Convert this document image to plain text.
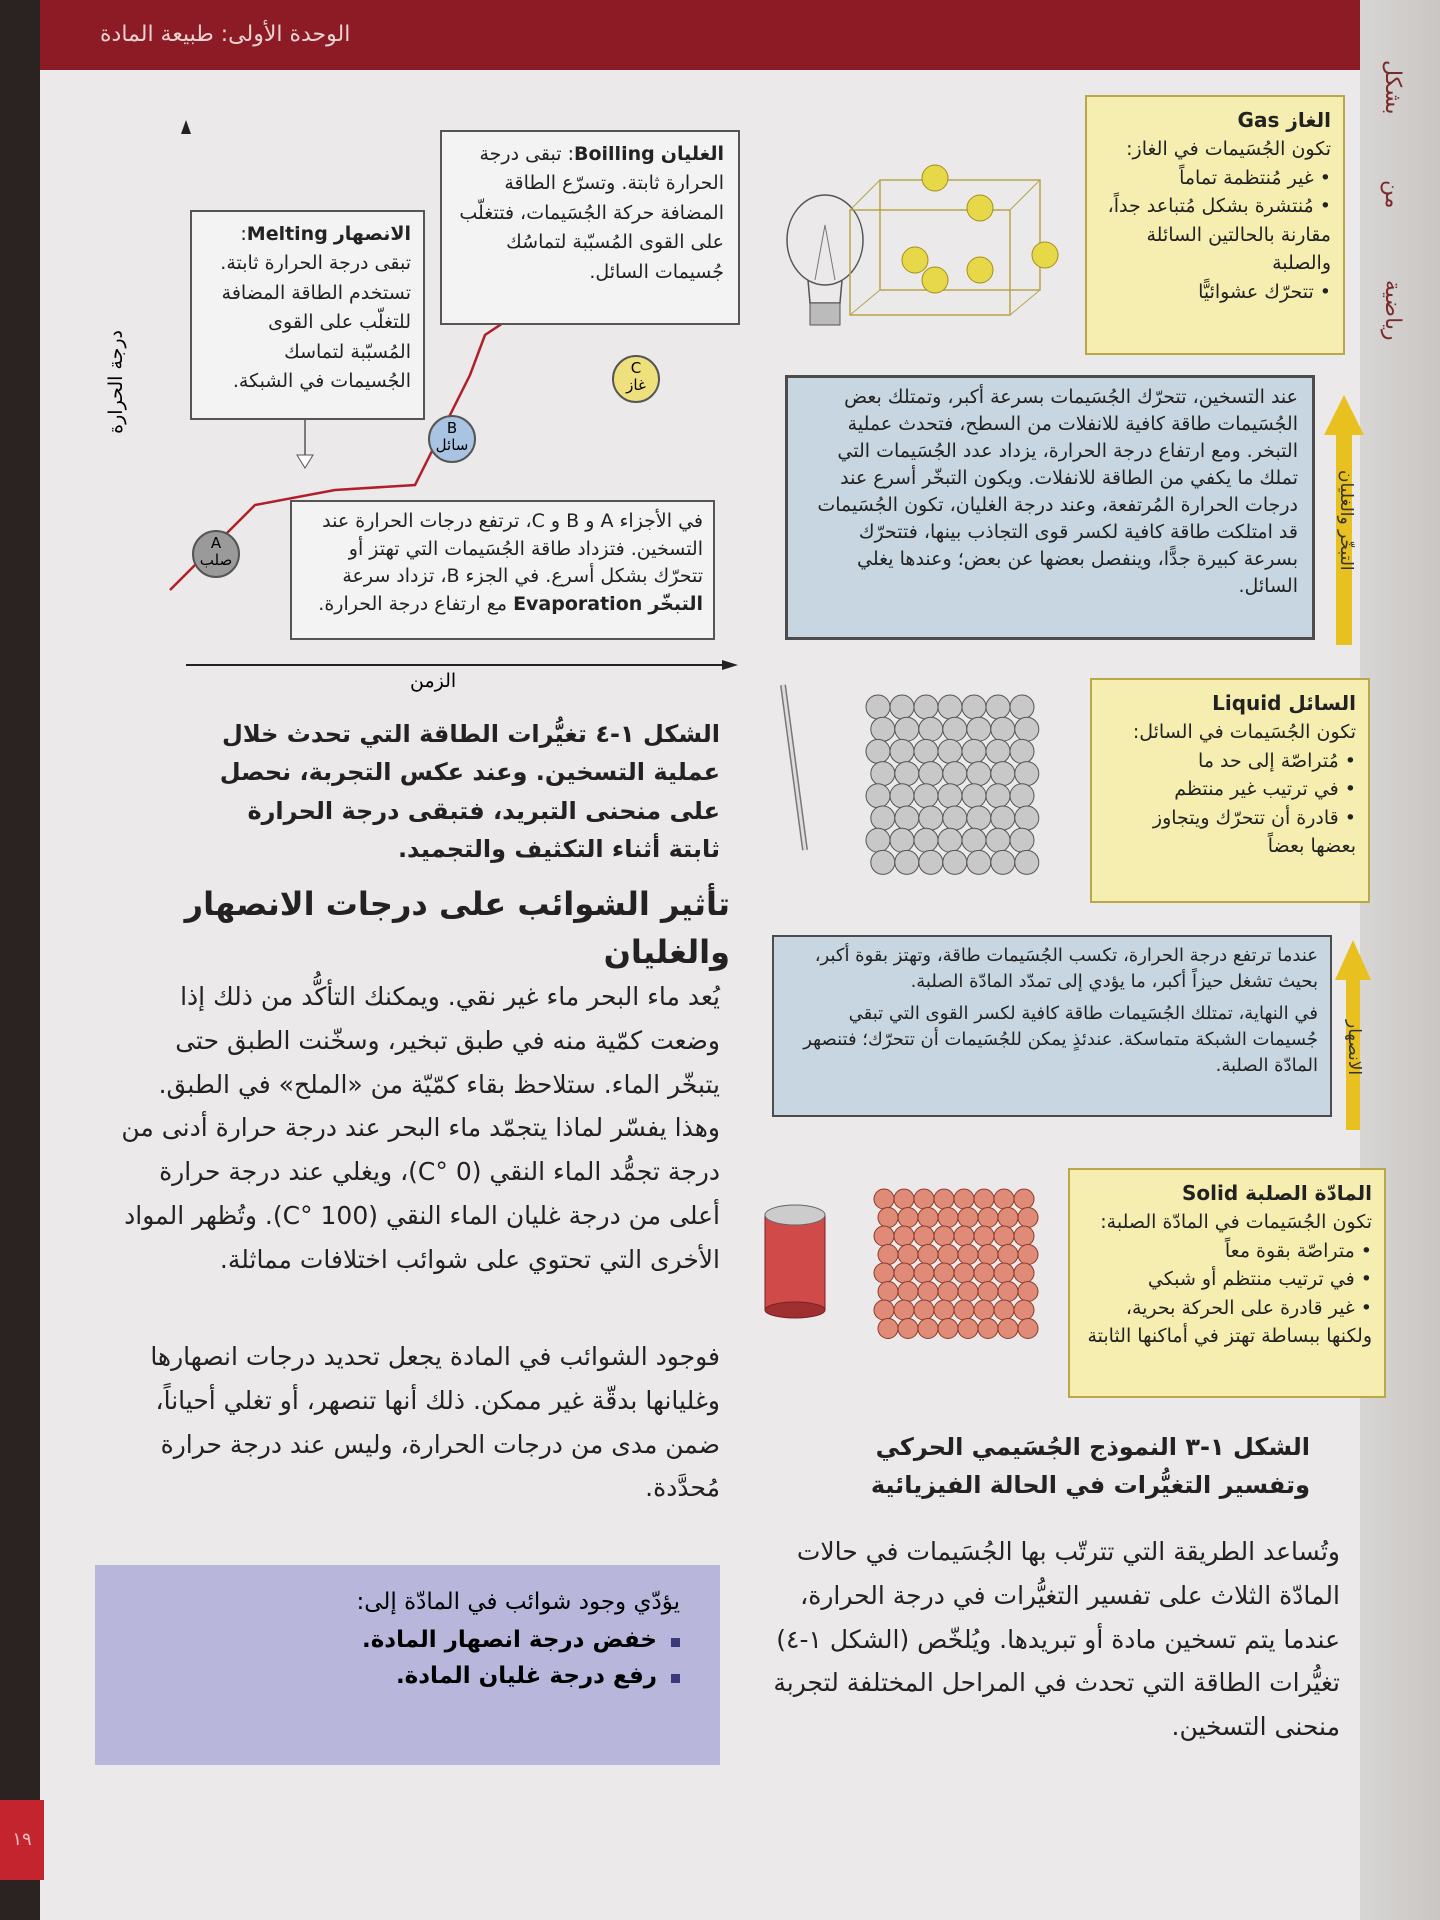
الوحدة الأولى: طبيعة المادة
بشكل
من
رياضية
درجة الحرارة
الزمن
A
صلب
B
سائل
C
غاز
الغليان Boilling: تبقى درجة الحرارة ثابتة. وتسرّع الطاقة المضافة حركة الجُسَيمات، فتتغلّب على القوى المُسبّبة لتماسُك جُسيمات السائل.
الانصهار Melting: تبقى درجة الحرارة ثابتة. تستخدم الطاقة المضافة للتغلّب على القوى المُسبّبة لتماسك الجُسيمات في الشبكة.
في الأجزاء A و B و C، ترتفع درجات الحرارة عند التسخين. فتزداد طاقة الجُسَيمات التي تهتز أو تتحرّك بشكل أسرع. في الجزء B، تزداد سرعة التبخّر Evaporation مع ارتفاع درجة الحرارة.
الشكل ١-٤ تغيُّرات الطاقة التي تحدث خلال عملية التسخين. وعند عكس التجربة، نحصل على منحنى التبريد، فتبقى درجة الحرارة ثابتة أثناء التكثيف والتجميد.
تأثير الشوائب على درجات الانصهار والغليان
يُعد ماء البحر ماء غير نقي. ويمكنك التأكُّد من ذلك إذا وضعت كمّية منه في طبق تبخير، وسخّنت الطبق حتى يتبخّر الماء. ستلاحظ بقاء كمّيّة من «الملح» في الطبق. وهذا يفسّر لماذا يتجمّد ماء البحر عند درجة حرارة أدنى من درجة تجمُّد الماء النقي (0 °C)، ويغلي عند درجة حرارة أعلى من درجة غليان الماء النقي (100 °C). وتُظهر المواد الأخرى التي تحتوي على شوائب اختلافات مماثلة.
فوجود الشوائب في المادة يجعل تحديد درجات انصهارها وغليانها بدقّة غير ممكن. ذلك أنها تنصهر، أو تغلي أحياناً، ضمن مدى من درجات الحرارة، وليس عند درجة حرارة مُحدَّدة.
يؤدّي وجود شوائب في المادّة إلى:
خفض درجة انصهار المادة.
رفع درجة غليان المادة.
الغاز Gas
تكون الجُسَيمات في الغاز:
• غير مُنتظمة تماماً
• مُنتشرة بشكل مُتباعد جداً، مقارنة بالحالتين السائلة والصلبة
• تتحرّك عشوائيًّا
عند التسخين، تتحرّك الجُسَيمات بسرعة أكبر، وتمتلك بعض الجُسَيمات طاقة كافية للانفلات من السطح، فتحدث عملية التبخر. ومع ارتفاع درجة الحرارة، يزداد عدد الجُسَيمات التي تملك ما يكفي من الطاقة للانفلات. ويكون التبخّر أسرع عند درجات الحرارة المُرتفعة، وعند درجة الغليان، تكون الجُسَيمات قد امتلكت طاقة كافية لكسر قوى التجاذب بينها، فتتحرّك بسرعة كبيرة جدًّا، وينفصل بعضها عن بعض؛ وعندها يغلي السائل.
التبخّر والغليان
السائل Liquid
تكون الجُسَيمات في السائل:
• مُتراصّة إلى حد ما
• في ترتيب غير منتظم
• قادرة أن تتحرّك ويتجاوز بعضها بعضاً
عندما ترتفع درجة الحرارة، تكسب الجُسَيمات طاقة، وتهتز بقوة أكبر، بحيث تشغل حيزاً أكبر، ما يؤدي إلى تمدّد المادّة الصلبة.
في النهاية، تمتلك الجُسَيمات طاقة كافية لكسر القوى التي تبقي جُسيمات الشبكة متماسكة. عندئذٍ يمكن للجُسَيمات أن تتحرّك؛ فتنصهر المادّة الصلبة. الانصهار
المادّة الصلبة Solid
تكون الجُسَيمات في المادّة الصلبة:
• متراصّة بقوة معاً
• في ترتيب منتظم أو شبكي
• غير قادرة على الحركة بحرية، ولكنها ببساطة تهتز في أماكنها الثابتة
الشكل ١-٣ النموذج الجُسَيمي الحركي وتفسير التغيُّرات في الحالة الفيزيائية
وتُساعد الطريقة التي تترتّب بها الجُسَيمات في حالات المادّة الثلاث على تفسير التغيُّرات في درجة الحرارة، عندما يتم تسخين مادة أو تبريدها. ويُلخّص (الشكل ١-٤) تغيُّرات الطاقة التي تحدث في المراحل المختلفة لتجربة منحنى التسخين.
١٩
